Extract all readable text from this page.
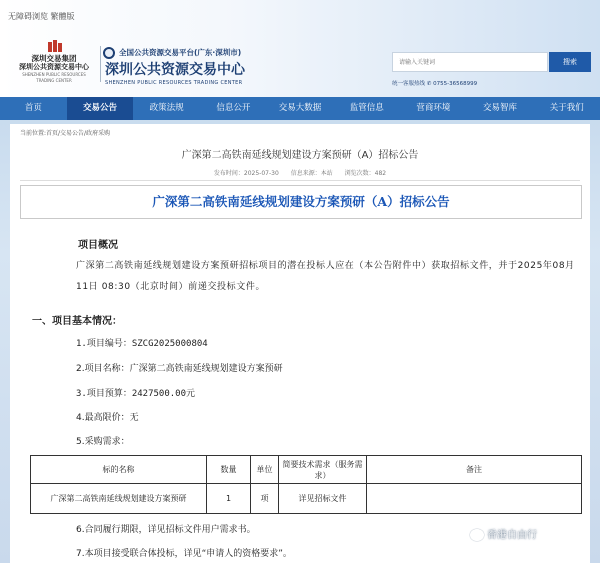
无障碍浏览 繁體版
深圳交易集团
深圳公共资源交易中心
SHENZHEN PUBLIC RESOURCES TRADING CENTER
全国公共资源交易平台(广东·深圳市)
深圳公共资源交易中心
SHENZHEN PUBLIC RESOURCES TRADING CENTER
请输入关键词
搜索
统一客服热线 ✆ 0755-36568999
首页	交易公告	政策法规	信息公开	交易大数据	监管信息	营商环境	交易智库	关于我们
当前位置:首页/交易公告/政府采购
广深第二高铁南延线规划建设方案预研（A）招标公告
发布时间：2025-07-30 信息来源：本站 浏览次数：482
广深第二高铁南延线规划建设方案预研（A）招标公告
项目概况
广深第二高铁南延线规划建设方案预研招标项目的潜在投标人应在（本公告附件中）获取招标文件，并于2025年08月11日 08:30（北京时间）前递交投标文件。
一、项目基本情况：
1.项目编号：SZCG2025000804
2.项目名称：广深第二高铁南延线规划建设方案预研
3.项目预算：2427500.00元
4.最高限价：无
5.采购需求：
标的名称	数量	单位	简要技术需求（服务需求）	备注
广深第二高铁南延线规划建设方案预研	1	项	详见招标文件	
6.合同履行期限，详见招标文件用户需求书。
7.本项目接受联合体投标，详见“申请人的资格要求”。
香港自由行
